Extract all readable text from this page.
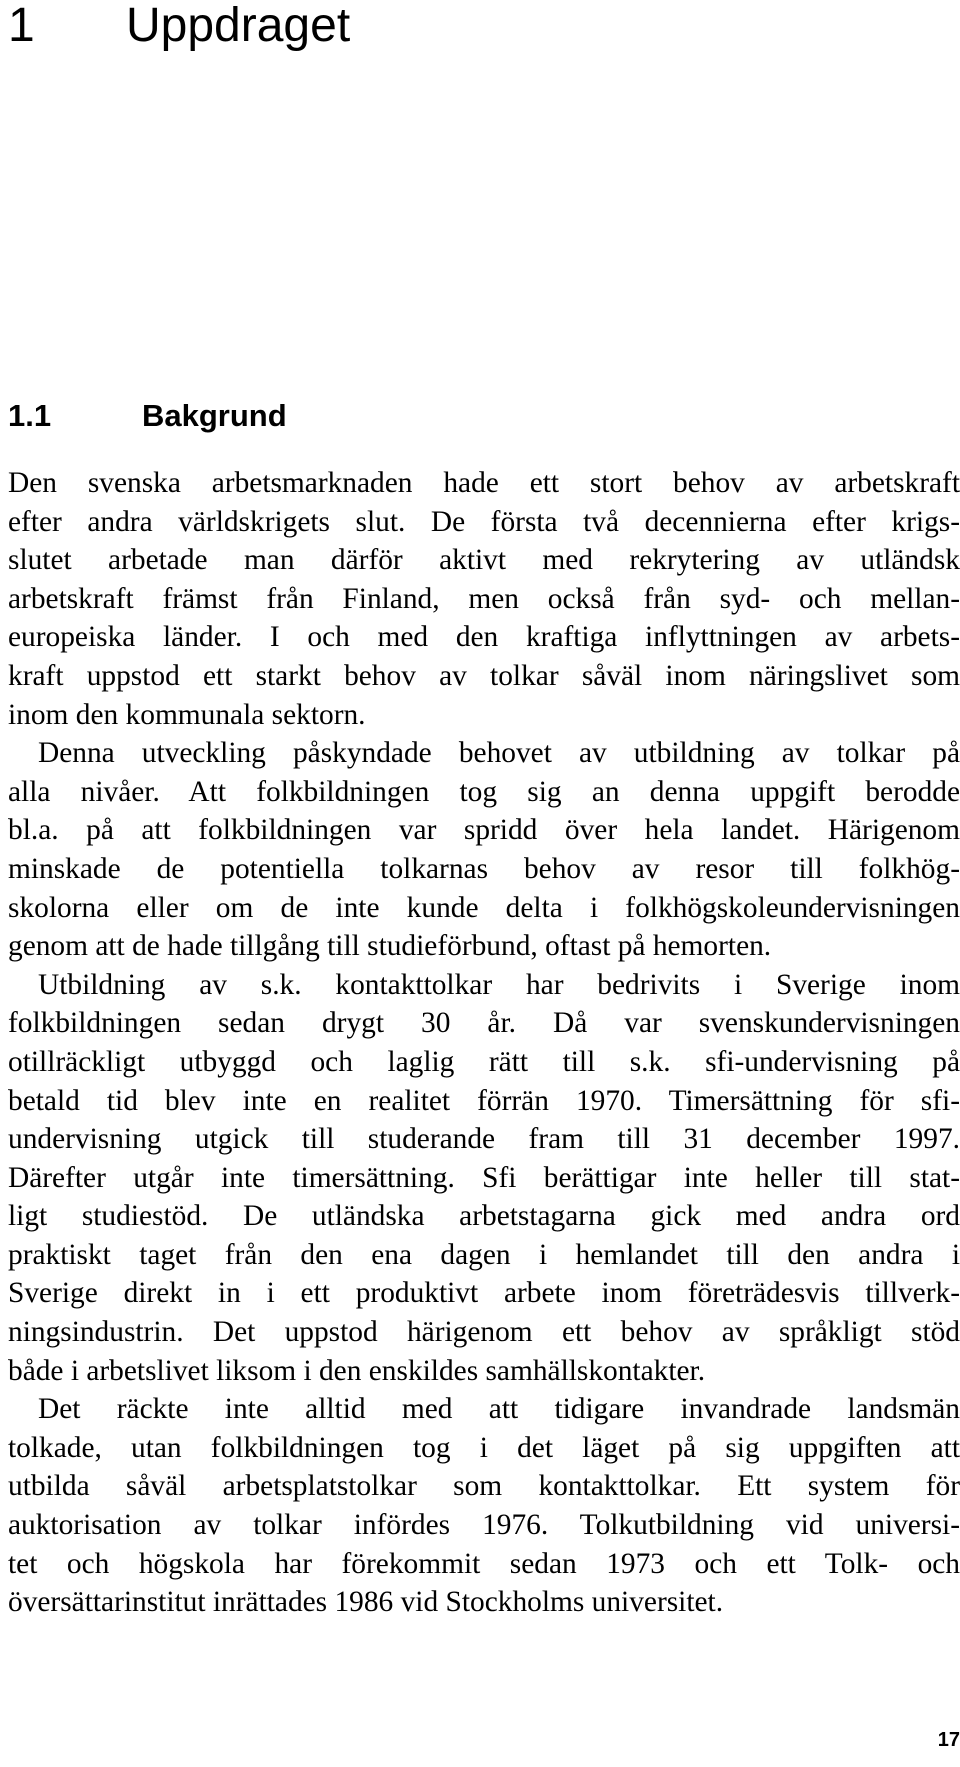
1 Uppdraget
1.1	Bakgrund
Den svenska arbetsmarknaden hade ett stort behov av arbetskraft
efter andra världskrigets slut. De första två decennierna efter krigs-
slutet arbetade man därför aktivt med rekrytering av utländsk
arbetskraft främst från Finland, men också från syd- och mellan-
europeiska länder. I och med den kraftiga inflyttningen av arbets-
kraft uppstod ett starkt behov av tolkar såväl inom näringslivet som
inom den kommunala sektorn.
Denna utveckling påskyndade behovet av utbildning av tolkar på
alla nivåer. Att folkbildningen tog sig an denna uppgift berodde
bl.a. på att folkbildningen var spridd över hela landet. Härigenom
minskade de potentiella tolkarnas behov av resor till folkhög-
skolorna eller om de inte kunde delta i folkhögskoleundervisningen
genom att de hade tillgång till studieförbund, oftast på hemorten.
Utbildning av s.k. kontakttolkar har bedrivits i Sverige inom
folkbildningen sedan drygt 30 år. Då var svenskundervisningen
otillräckligt utbyggd och laglig rätt till s.k. sfi-undervisning på
betald tid blev inte en realitet förrän 1970. Timersättning för sfi-
undervisning utgick till studerande fram till 31 december 1997.
Därefter utgår inte timersättning. Sfi berättigar inte heller till stat-
ligt studiestöd. De utländska arbetstagarna gick med andra ord
praktiskt taget från den ena dagen i hemlandet till den andra i
Sverige direkt in i ett produktivt arbete inom företrädesvis tillverk-
ningsindustrin. Det uppstod härigenom ett behov av språkligt stöd
både i arbetslivet liksom i den enskildes samhällskontakter.
Det räckte inte alltid med att tidigare invandrade landsmän
tolkade, utan folkbildningen tog i det läget på sig uppgiften att
utbilda såväl arbetsplatstolkar som kontakttolkar. Ett system för
auktorisation av tolkar infördes 1976. Tolkutbildning vid universi-
tet och högskola har förekommit sedan 1973 och ett Tolk- och
översättarinstitut inrättades 1986 vid Stockholms universitet.
17
